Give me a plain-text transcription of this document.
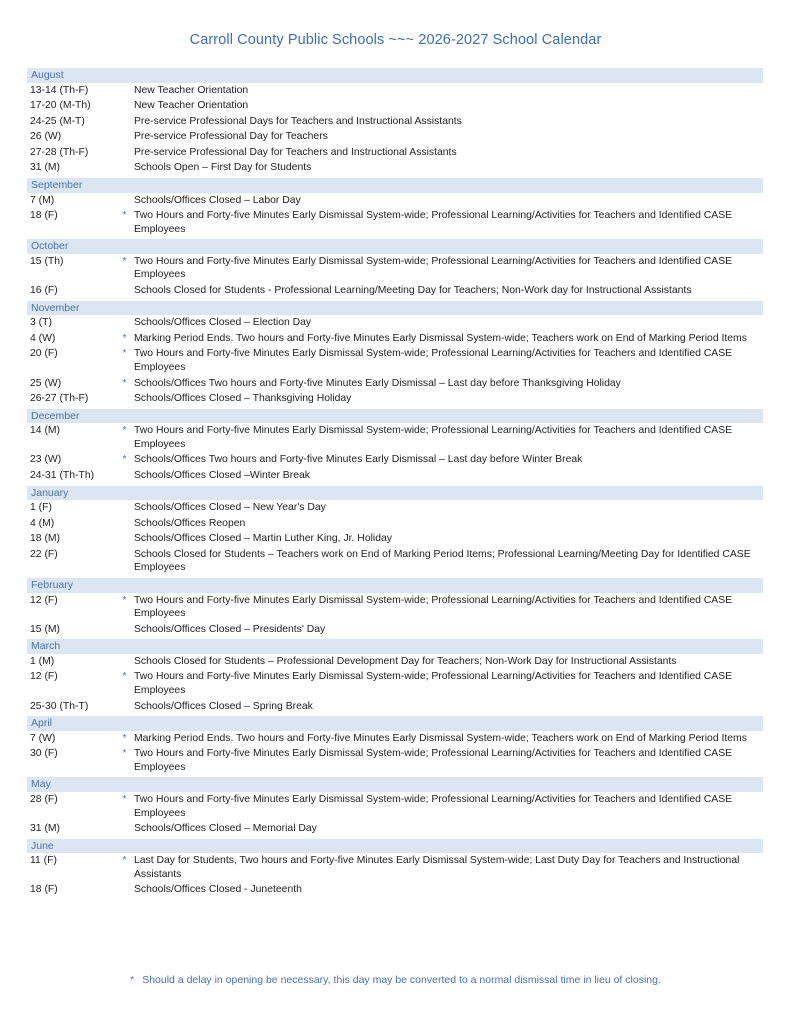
Carroll County Public Schools ~~~ 2026-2027 School Calendar
August
13-14 (Th-F)	New Teacher Orientation
17-20 (M-Th)	New Teacher Orientation
24-25 (M-T)	Pre-service Professional Days for Teachers and Instructional Assistants
26 (W)	Pre-service Professional Day for Teachers
27-28 (Th-F)	Pre-service Professional Day for Teachers and Instructional Assistants
31 (M)	Schools Open – First Day for Students
September
7 (M)	Schools/Offices Closed – Labor Day
18 (F)	* Two Hours and Forty-five Minutes Early Dismissal System-wide; Professional Learning/Activities for Teachers and Identified CASE Employees
October
15 (Th)	* Two Hours and Forty-five Minutes Early Dismissal System-wide; Professional Learning/Activities for Teachers and Identified CASE Employees
16 (F)	Schools Closed for Students - Professional Learning/Meeting Day for Teachers; Non-Work day for Instructional Assistants
November
3 (T)	Schools/Offices Closed – Election Day
4 (W)	* Marking Period Ends. Two hours and Forty-five Minutes Early Dismissal System-wide; Teachers work on End of Marking Period Items
20 (F)	* Two Hours and Forty-five Minutes Early Dismissal System-wide; Professional Learning/Activities for Teachers and Identified CASE Employees
25 (W)	* Schools/Offices Two hours and Forty-five Minutes Early Dismissal – Last day before Thanksgiving Holiday
26-27 (Th-F)	Schools/Offices Closed – Thanksgiving Holiday
December
14 (M)	* Two Hours and Forty-five Minutes Early Dismissal System-wide; Professional Learning/Activities for Teachers and Identified CASE Employees
23 (W)	* Schools/Offices Two hours and Forty-five Minutes Early Dismissal – Last day before Winter Break
24-31 (Th-Th)	Schools/Offices Closed –Winter Break
January
1 (F)	Schools/Offices Closed – New Year's Day
4 (M)	Schools/Offices Reopen
18 (M)	Schools/Offices Closed – Martin Luther King, Jr. Holiday
22 (F)	Schools Closed for Students – Teachers work on End of Marking Period Items; Professional Learning/Meeting Day for Identified CASE Employees
February
12 (F)	* Two Hours and Forty-five Minutes Early Dismissal System-wide; Professional Learning/Activities for Teachers and Identified CASE Employees
15 (M)	Schools/Offices Closed – Presidents' Day
March
1 (M)	Schools Closed for Students – Professional Development Day for Teachers; Non-Work Day for Instructional Assistants
12 (F)	* Two Hours and Forty-five Minutes Early Dismissal System-wide; Professional Learning/Activities for Teachers and Identified CASE Employees
25-30 (Th-T)	Schools/Offices Closed – Spring Break
April
7 (W)	* Marking Period Ends. Two hours and Forty-five Minutes Early Dismissal System-wide; Teachers work on End of Marking Period Items
30 (F)	* Two Hours and Forty-five Minutes Early Dismissal System-wide; Professional Learning/Activities for Teachers and Identified CASE Employees
May
28 (F)	* Two Hours and Forty-five Minutes Early Dismissal System-wide; Professional Learning/Activities for Teachers and Identified CASE Employees
31 (M)	Schools/Offices Closed – Memorial Day
June
11 (F)	* Last Day for Students, Two hours and Forty-five Minutes Early Dismissal System-wide; Last Duty Day for Teachers and Instructional Assistants
18 (F)	Schools/Offices Closed - Juneteenth
* Should a delay in opening be necessary, this day may be converted to a normal dismissal time in lieu of closing.
